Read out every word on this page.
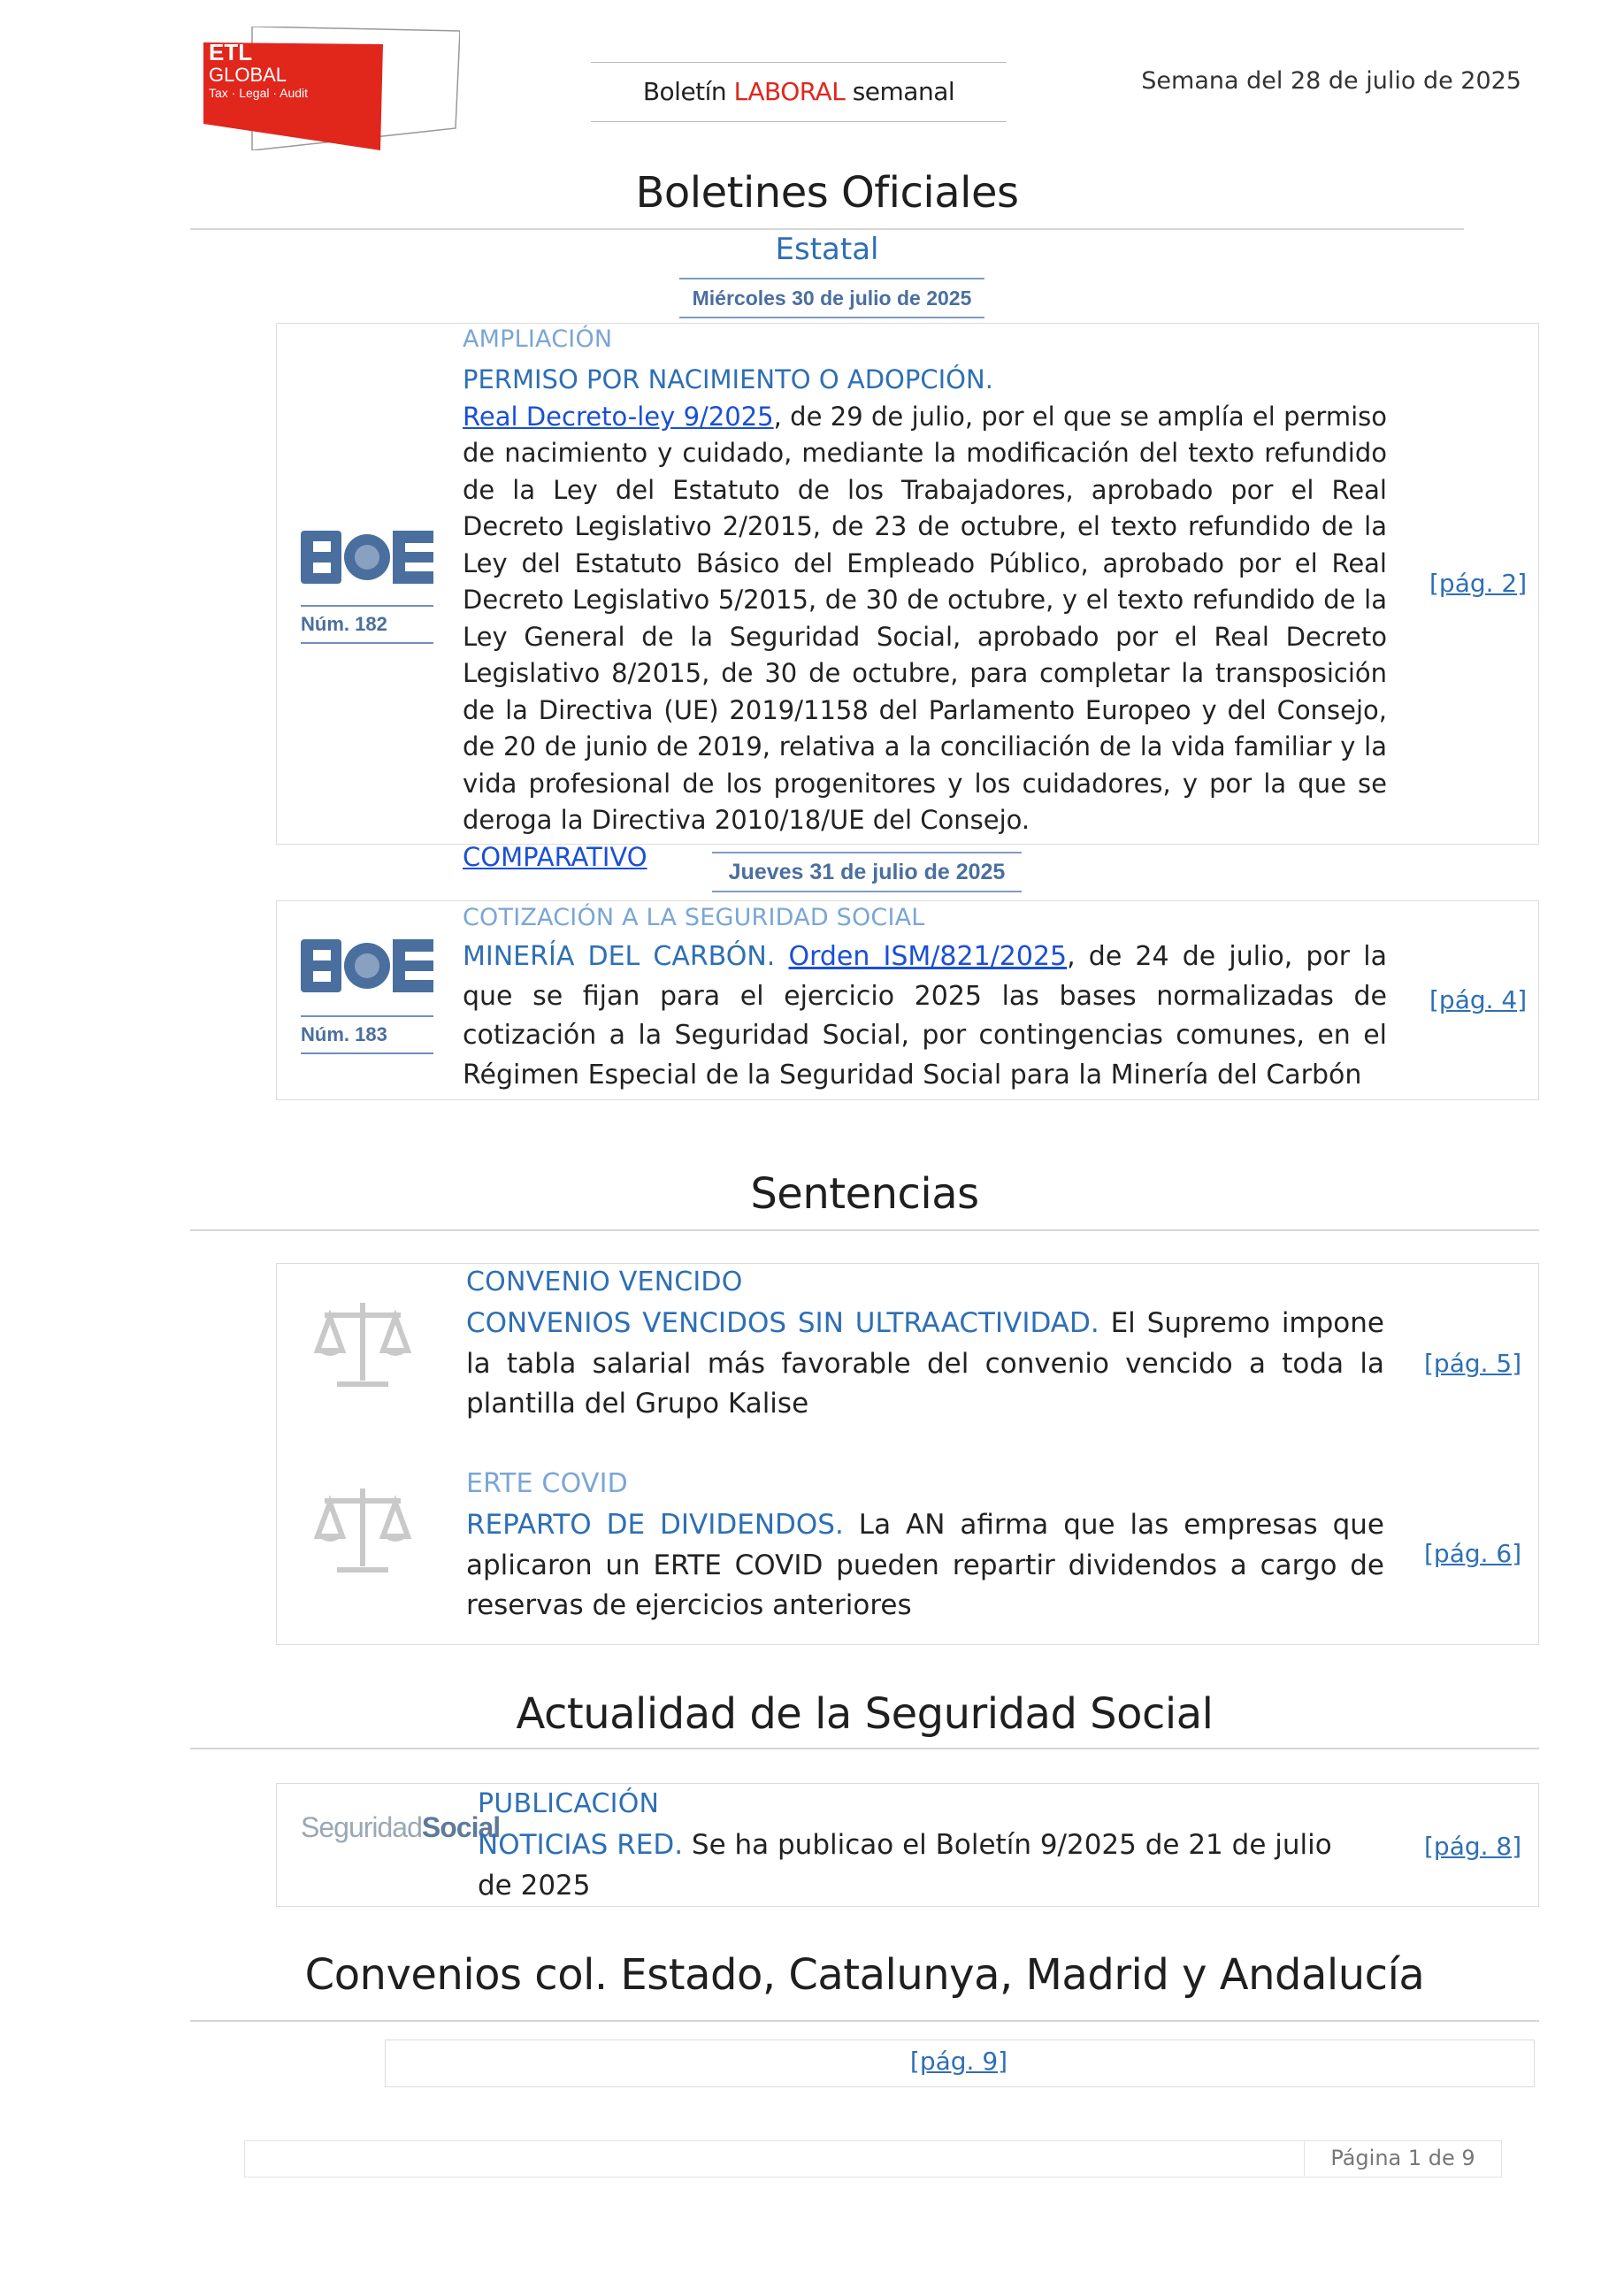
ETL
GLOBAL
Tax · Legal · Audit	Boletín LABORAL semanal	Semana del 28 de julio de 2025
Boletines Oficiales
Estatal
Miércoles 30 de julio de 2025
Núm. 182
AMPLIACIÓN
PERMISO POR NACIMIENTO O ADOPCIÓN.
Real Decreto-ley 9/2025, de 29 de julio, por el que se amplía el permiso de nacimiento y cuidado, mediante la modificación del texto refundido de la Ley del Estatuto de los Trabajadores, aprobado por el Real Decreto Legislativo 2/2015, de 23 de octubre, el texto refundido de la Ley del Estatuto Básico del Empleado Público, aprobado por el Real Decreto Legislativo 5/2015, de 30 de octubre, y el texto refundido de la Ley General de la Seguridad Social, aprobado por el Real Decreto Legislativo 8/2015, de 30 de octubre, para completar la transposición de la Directiva (UE) 2019/1158 del Parlamento Europeo y del Consejo, de 20 de junio de 2019, relativa a la conciliación de la vida familiar y la vida profesional de los progenitores y los cuidadores, y por la que se deroga la Directiva 2010/18/UE del Consejo.
COMPARATIVO
[pág. 2]
Jueves 31 de julio de 2025
Núm. 183
COTIZACIÓN A LA SEGURIDAD SOCIAL
MINERÍA DEL CARBÓN. Orden ISM/821/2025, de 24 de julio, por la que se fijan para el ejercicio 2025 las bases normalizadas de cotización a la Seguridad Social, por contingencias comunes, en el Régimen Especial de la Seguridad Social para la Minería del Carbón
[pág. 4]
Sentencias
CONVENIO VENCIDO
CONVENIOS VENCIDOS SIN ULTRAACTIVIDAD. El Supremo impone la tabla salarial más favorable del convenio vencido a toda la plantilla del Grupo Kalise
[pág. 5]
ERTE COVID
REPARTO DE DIVIDENDOS. La AN afirma que las empresas que aplicaron un ERTE COVID pueden repartir dividendos a cargo de reservas de ejercicios anteriores
[pág. 6]
Actualidad de la Seguridad Social
SeguridadSocial
PUBLICACIÓN
NOTICIAS RED. Se ha publicao el Boletín 9/2025 de 21 de julio de 2025
[pág. 8]
Convenios col. Estado, Catalunya, Madrid y Andalucía
[pág. 9]
Página 1 de 9
